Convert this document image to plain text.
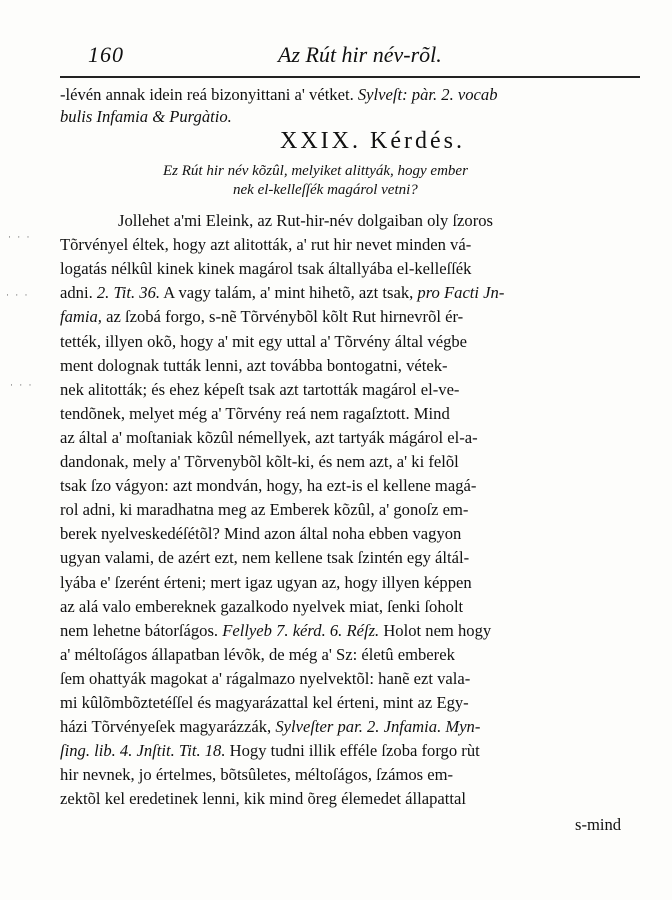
160	Az Rút hir név-rõl.
· · ·
· · ·
· · ·
-lévén annak idein reá bizonyittani a' vétket. Sylveſt: pàr. 2. vocab
bulis Infamia & Purgàtio.
XXIX. Kérdés.
Ez Rút hir név kõzûl, melyiket alittyák, hogy ember
nek el-kelleſſék magárol vetni?
Jollehet a'mi Eleink, az Rut-hir-név dolgaiban oly ſzoros
Tõrvényel éltek, hogy azt alitották, a' rut hir nevet minden vá-
logatás nélkûl kinek kinek magárol tsak általlyába el-kelleſſék
adni. 2. Tit. 36. A vagy talám, a' mint hihetõ, azt tsak, pro Facti Jn-
famia, az ſzobá forgo, s-nẽ Tõrvénybõl kõlt Rut hirnevrõl ér-
tették, illyen okõ, hogy a' mit egy uttal a' Tõrvény által végbe
ment dolognak tutták lenni, azt továbba bontogatni, vétek-
nek alitották; és ehez képeſt tsak azt tartották magárol el-ve-
tendõnek, melyet még a' Tõrvény reá nem ragaſztott. Mind
az által a' moſtaniak kõzûl némellyek, azt tartyák mágárol el-a-
dandonak, mely a' Tõrvenybõl kõlt-ki, és nem azt, a' ki felõl
tsak ſzo vágyon: azt mondván, hogy, ha ezt-is el kellene magá-
rol adni, ki maradhatna meg az Emberek kõzûl, a' gonoſz em-
berek nyelveskedéſétõl? Mind azon által noha ebben vagyon
ugyan valami, de azért ezt, nem kellene tsak ſzintén egy áltál-
lyába e' ſzerént érteni; mert igaz ugyan az, hogy illyen képpen
az alá valo embereknek gazalkodo nyelvek miat, ſenki ſoholt
nem lehetne bátorſágos. Fellyeb 7. kérd. 6. Réſz. Holot nem hogy
a' méltoſágos állapatban lévõk, de még a' Sz: életû emberek
ſem ohattyák magokat a' rágalmazo nyelvektõl: hanẽ ezt vala-
mi kûlõmbõztetéſſel és magyarázattal kel érteni, mint az Egy-
házi Tõrvényeſek magyarázzák, Sylveſter par. 2. Jnfamia. Myn-
ſing. lib. 4. Jnſtit. Tit. 18. Hogy tudni illik efféle ſzoba forgo rùt
hir nevnek, jo értelmes, bõtsûletes, méltoſágos, ſzámos em-
zektõl kel eredetinek lenni, kik mind õreg élemedet állapattal
s-mind
